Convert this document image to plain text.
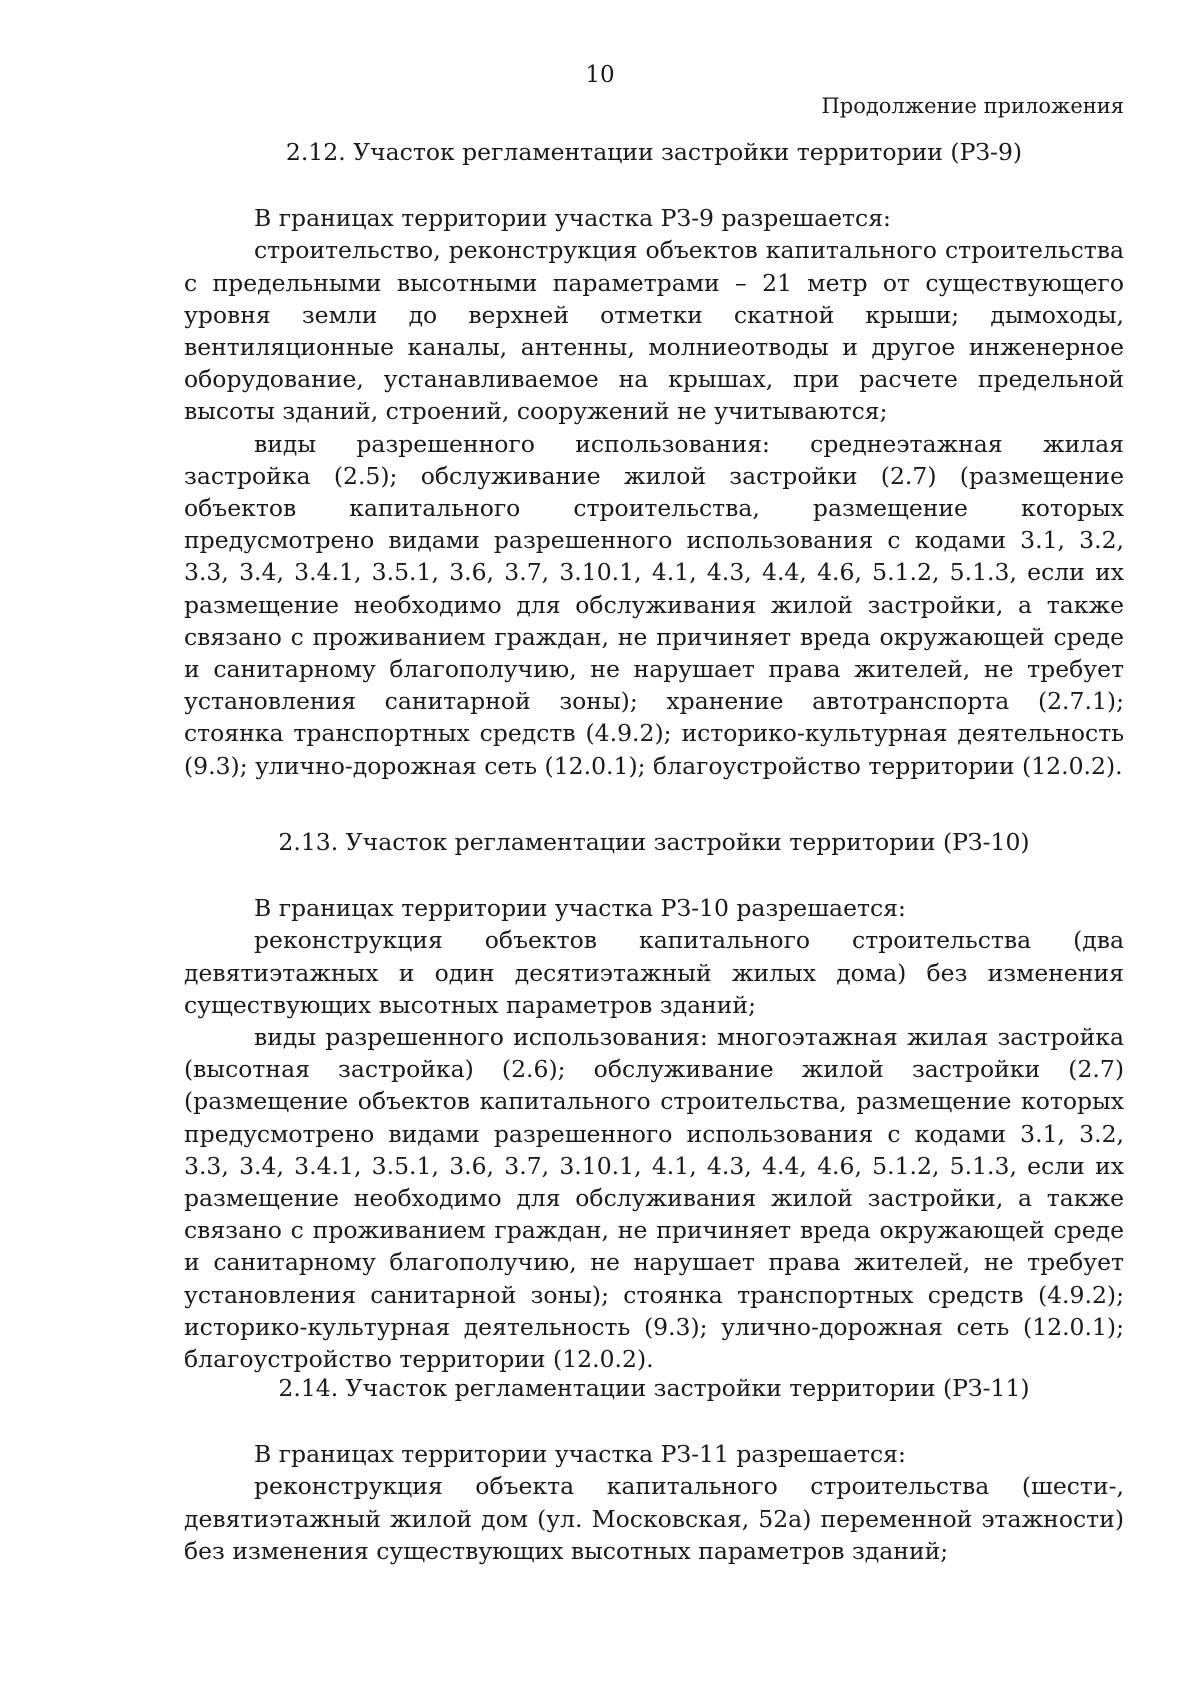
10
Продолжение приложения

2.12. Участок регламентации застройки территории (РЗ-9)

В границах территории участка РЗ-9 разрешается:

строительство, реконструкция объектов капитального строительства с предельными высотными параметрами – 21 метр от существующего уровня земли до верхней отметки скатной крыши; дымоходы, вентиляционные каналы, антенны, молниеотводы и другое инженерное оборудование, устанавливаемое на крышах, при расчете предельной высоты зданий, строений, сооружений не учитываются;

виды разрешенного использования: среднеэтажная жилая застройка (2.5); обслуживание жилой застройки (2.7) (размещение объектов капитального строительства, размещение которых предусмотрено видами разрешенного использования с кодами 3.1, 3.2, 3.3, 3.4, 3.4.1, 3.5.1, 3.6, 3.7, 3.10.1, 4.1, 4.3, 4.4, 4.6, 5.1.2, 5.1.3, если их размещение необходимо для обслуживания жилой застройки, а также связано с проживанием граждан, не причиняет вреда окружающей среде и санитарному благополучию, не нарушает права жителей, не требует установления санитарной зоны); хранение автотранспорта (2.7.1); стоянка транспортных средств (4.9.2); историко-культурная деятельность (9.3); улично-дорожная сеть (12.0.1); благоустройство территории (12.0.2).

2.13. Участок регламентации застройки территории (РЗ-10)

В границах территории участка РЗ-10 разрешается:

реконструкция объектов капитального строительства (два девятиэтажных и один десятиэтажный жилых дома) без изменения существующих высотных параметров зданий;

виды разрешенного использования: многоэтажная жилая застройка (высотная застройка) (2.6); обслуживание жилой застройки (2.7) (размещение объектов капитального строительства, размещение которых предусмотрено видами разрешенного использования с кодами 3.1, 3.2, 3.3, 3.4, 3.4.1, 3.5.1, 3.6, 3.7, 3.10.1, 4.1, 4.3, 4.4, 4.6, 5.1.2, 5.1.3, если их размещение необходимо для обслуживания жилой застройки, а также связано с проживанием граждан, не причиняет вреда окружающей среде и санитарному благополучию, не нарушает права жителей, не требует установления санитарной зоны); стоянка транспортных средств (4.9.2); историко-культурная деятельность (9.3); улично-дорожная сеть (12.0.1); благоустройство территории (12.0.2).

2.14. Участок регламентации застройки территории (РЗ-11)

В границах территории участка РЗ-11 разрешается:

реконструкция объекта капитального строительства (шести-, девятиэтажный жилой дом (ул. Московская, 52а) переменной этажности) без изменения существующих высотных параметров зданий;
